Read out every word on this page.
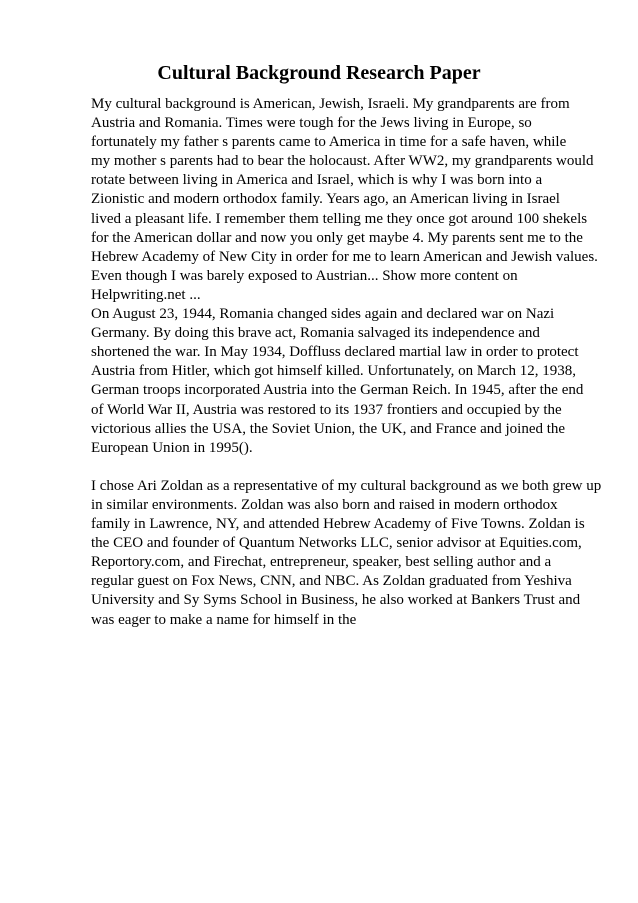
Cultural Background Research Paper
My cultural background is American, Jewish, Israeli. My grandparents are from
Austria and Romania. Times were tough for the Jews living in Europe, so
fortunately my father s parents came to America in time for a safe haven, while
my mother s parents had to bear the holocaust. After WW2, my grandparents would
rotate between living in America and Israel, which is why I was born into a
Zionistic and modern orthodox family. Years ago, an American living in Israel
lived a pleasant life. I remember them telling me they once got around 100 shekels
for the American dollar and now you only get maybe 4. My parents sent me to the
Hebrew Academy of New City in order for me to learn American and Jewish values.
Even though I was barely exposed to Austrian... Show more content on
Helpwriting.net ...
On August 23, 1944, Romania changed sides again and declared war on Nazi
Germany. By doing this brave act, Romania salvaged its independence and
shortened the war. In May 1934, Doffluss declared martial law in order to protect
Austria from Hitler, which got himself killed. Unfortunately, on March 12, 1938,
German troops incorporated Austria into the German Reich. In 1945, after the end
of World War II, Austria was restored to its 1937 frontiers and occupied by the
victorious allies the USA, the Soviet Union, the UK, and France and joined the
European Union in 1995().
I chose Ari Zoldan as a representative of my cultural background as we both grew up
in similar environments. Zoldan was also born and raised in modern orthodox
family in Lawrence, NY, and attended Hebrew Academy of Five Towns. Zoldan is
the CEO and founder of Quantum Networks LLC, senior advisor at Equities.com,
Reportory.com, and Firechat, entrepreneur, speaker, best selling author and a
regular guest on Fox News, CNN, and NBC. As Zoldan graduated from Yeshiva
University and Sy Syms School in Business, he also worked at Bankers Trust and
was eager to make a name for himself in the
